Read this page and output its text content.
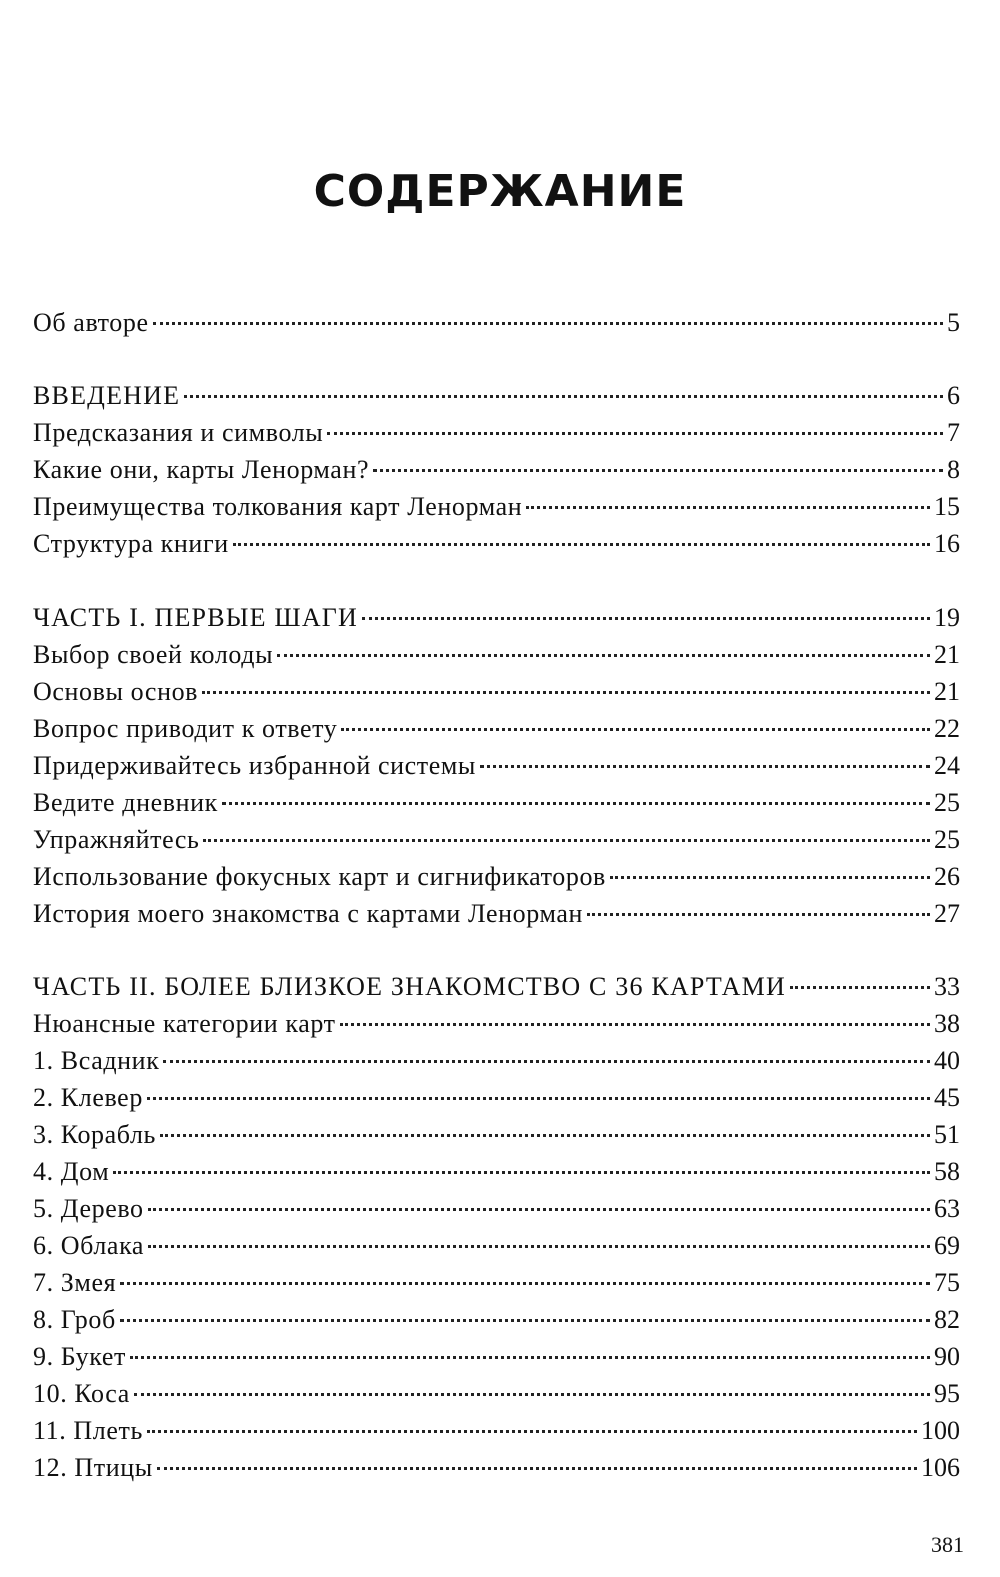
СОДЕРЖАНИЕ
Об авторе	5
ВВЕДЕНИЕ	6
Предсказания и символы	7
Какие они, карты Ленорман?	8
Преимущества толкования карт Ленорман	15
Структура книги	16
ЧАСТЬ I. ПЕРВЫЕ ШАГИ	19
Выбор своей колоды	21
Основы основ	21
Вопрос приводит к ответу	22
Придерживайтесь избранной системы	24
Ведите дневник	25
Упражняйтесь	25
Использование фокусных карт и сигнификаторов	26
История моего знакомства с картами Ленорман	27
ЧАСТЬ II. БОЛЕЕ БЛИЗКОЕ ЗНАКОМСТВО С 36 КАРТАМИ	33
Нюансные категории карт	38
1. Всадник	40
2. Клевер	45
3. Корабль	51
4. Дом	58
5. Дерево	63
6. Облака	69
7. Змея	75
8. Гроб	82
9. Букет	90
10. Коса	95
11. Плеть	100
12. Птицы	106
381
